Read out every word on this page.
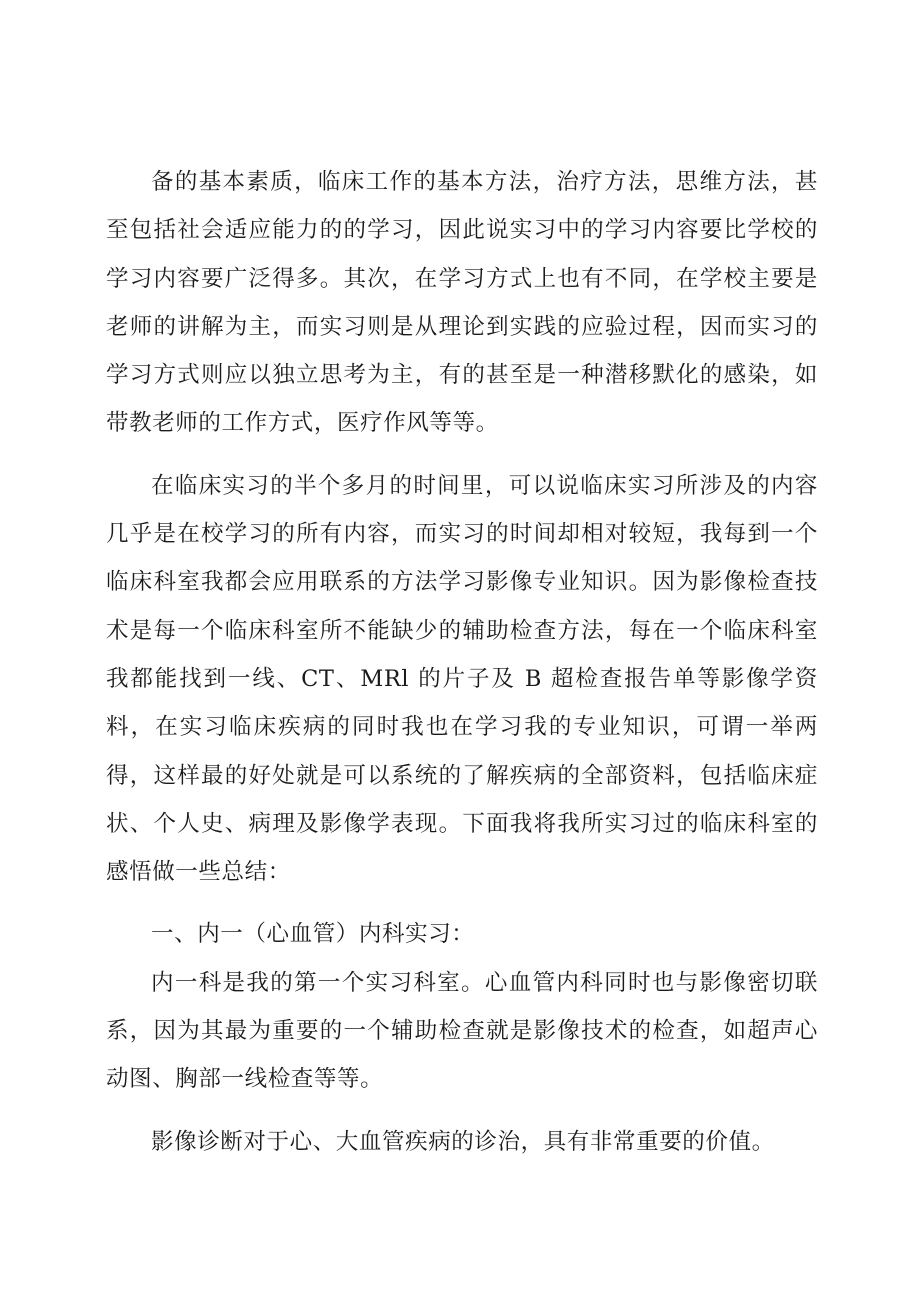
备的基本素质，临床工作的基本方法，治疗方法，思维方法，甚至包括社会适应能力的的学习，因此说实习中的学习内容要比学校的学习内容要广泛得多。其次，在学习方式上也有不同，在学校主要是老师的讲解为主，而实习则是从理论到实践的应验过程，因而实习的学习方式则应以独立思考为主，有的甚至是一种潜移默化的感染，如带教老师的工作方式，医疗作风等等。

在临床实习的半个多月的时间里，可以说临床实习所涉及的内容几乎是在校学习的所有内容，而实习的时间却相对较短，我每到一个临床科室我都会应用联系的方法学习影像专业知识。因为影像检查技术是每一个临床科室所不能缺少的辅助检查方法，每在一个临床科室我都能找到一线、CT、MRl 的片子及 B 超检查报告单等影像学资料，在实习临床疾病的同时我也在学习我的专业知识，可谓一举两得，这样最的好处就是可以系统的了解疾病的全部资料，包括临床症状、个人史、病理及影像学表现。下面我将我所实习过的临床科室的感悟做一些总结：

一、内一（心血管）内科实习：

内一科是我的第一个实习科室。心血管内科同时也与影像密切联系，因为其最为重要的一个辅助检查就是影像技术的检查，如超声心动图、胸部一线检查等等。

影像诊断对于心、大血管疾病的诊治，具有非常重要的价值。
